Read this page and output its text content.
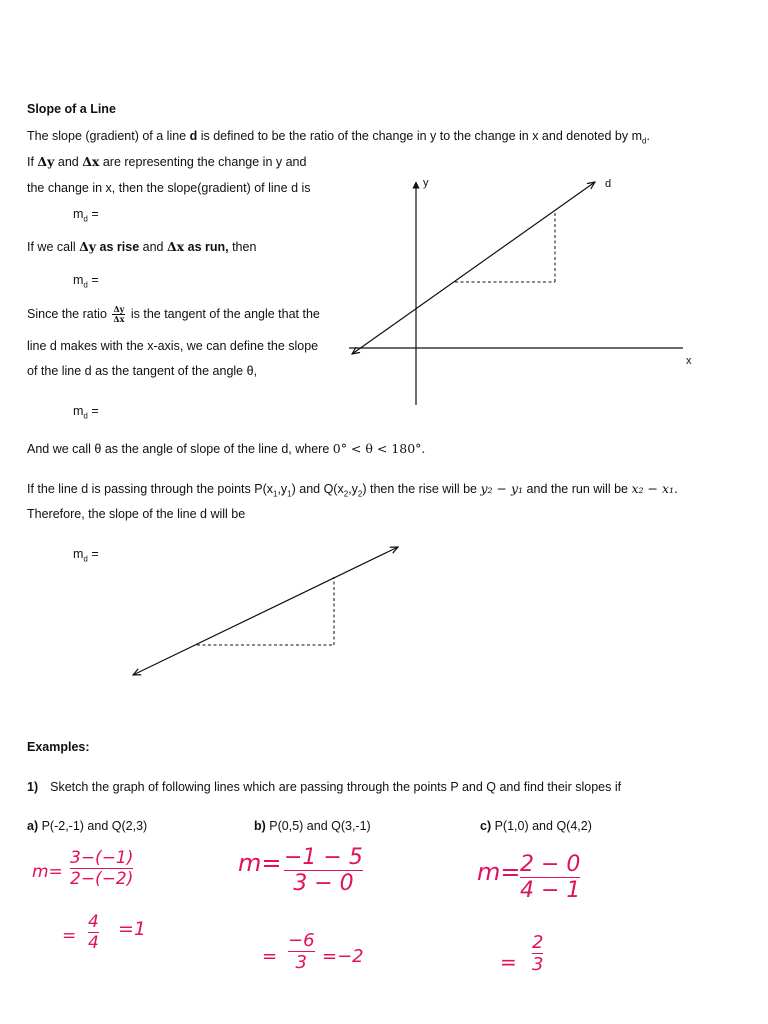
Slope of a Line
The slope (gradient) of a line d is defined to be the ratio of the change in y to the change in x and denoted by $m_d$.
If Δy and Δx are representing the change in y and
the change in x, then the slope(gradient) of line d is
$m_d$ =
If we call Δy as rise and Δx as run, then
$m_d$ =
Since the ratio $\frac{\Delta y}{\Delta x}$ is the tangent of the angle that the
line d makes with the x-axis, we can define the slope
of the line d as the tangent of the angle θ,
$m_d$ =
And we call θ as the angle of slope of the line d, where 0° < θ < 180°.
If the line d is passing through the points $P(x_1,y_1)$ and $Q(x_2,y_2)$ then the rise will be y₂ − y₁ and the run will be x₂ − x₁.
Therefore, the slope of the line d will be
$m_d$ =
y
x
d
Examples:
1) Sketch the graph of following lines which are passing through the points P and Q and find their slopes if
a) P(-2,-1) and Q(2,3)	b) P(0,5) and Q(3,-1)	c) P(1,0) and Q(4,2)
$m= \frac{3-(-1)}{2-(-2)}$
= $\frac{4}{4} =1$
$m= \frac{-1 - 5}{3 - 0}$
= $\frac{-6}{3} =-2$
$m= \frac{2 - 0}{4 - 1}$
= $\frac{2}{3}$
